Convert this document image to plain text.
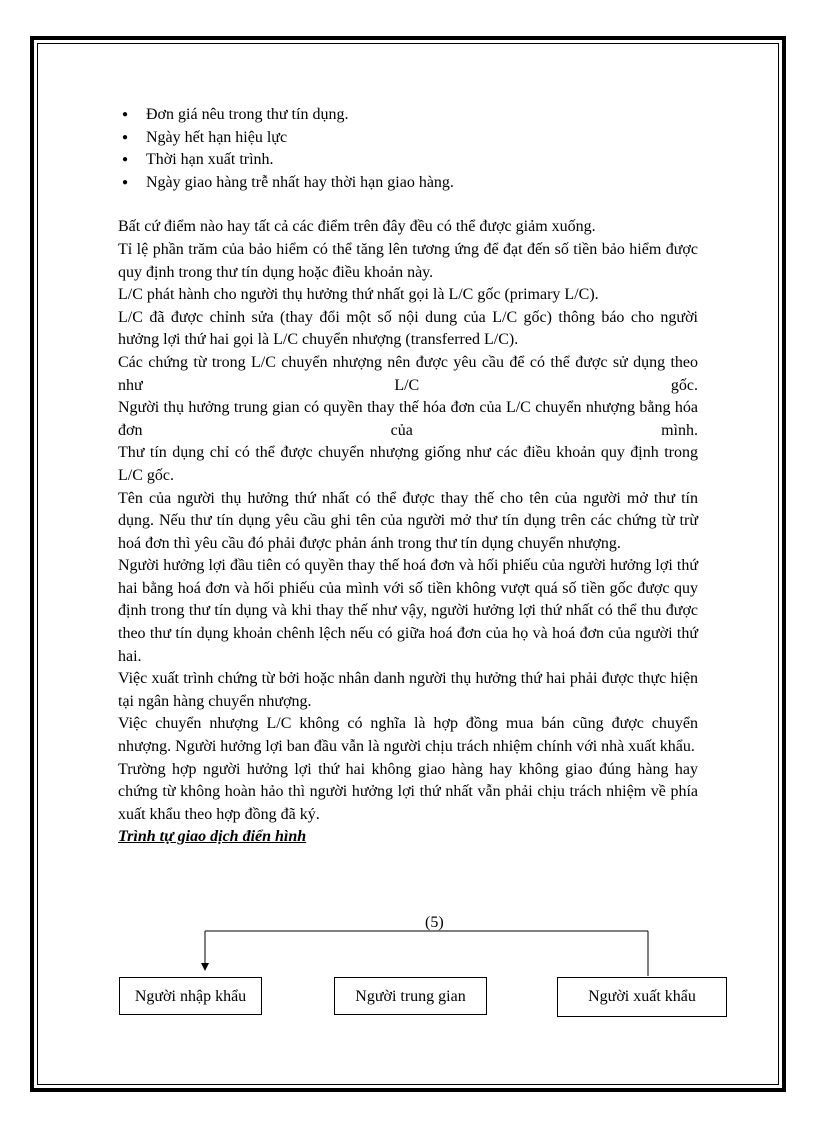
● Đơn giá nêu trong thư tín dụng.
● Ngày hết hạn hiệu lực
● Thời hạn xuất trình.
● Ngày giao hàng trễ nhất hay thời hạn giao hàng.

Bất cứ điểm nào hay tất cả các điểm trên đây đều có thể được giảm xuống.

Tỉ lệ phần trăm của bảo hiểm có thể tăng lên tương ứng để đạt đến số tiền bảo hiểm được quy định trong thư tín dụng hoặc điều khoản này.

L/C phát hành cho người thụ hưởng thứ nhất gọi là L/C gốc (primary L/C).

L/C đã được chỉnh sửa (thay đổi một số nội dung của L/C gốc) thông báo cho người hưởng lợi thứ hai gọi là L/C chuyển nhượng (transferred L/C).

Các chứng từ trong L/C chuyển nhượng nên được yêu cầu để có thể được sử dụng theo như L/C gốc.

Người thụ hưởng trung gian có quyền thay thế hóa đơn của L/C chuyển nhượng bằng hóa đơn của mình.

Thư tín dụng chỉ có thể được chuyển nhượng giống như các điều khoản quy định trong L/C gốc.

Tên của người thụ hưởng thứ nhất có thể được thay thế cho tên của người mở thư tín dụng. Nếu thư tín dụng yêu cầu ghi tên của người mở thư tín dụng trên các chứng từ trừ hoá đơn thì yêu cầu đó phải được phản ánh trong thư tín dụng chuyển nhượng.

Người hưởng lợi đầu tiên có quyền thay thế hoá đơn và hối phiếu của người hưởng lợi thứ hai bằng hoá đơn và hối phiếu của mình với số tiền không vượt quá số tiền gốc được quy định trong thư tín dụng và khi thay thế như vậy, người hưởng lợi thứ nhất có thể thu được theo thư tín dụng khoản chênh lệch nếu có giữa hoá đơn của họ và hoá đơn của người thứ hai.

Việc xuất trình chứng từ bởi hoặc nhân danh người thụ hưởng thứ hai phải được thực hiện tại ngân hàng chuyển nhượng.

Việc chuyển nhượng L/C không có nghĩa là hợp đồng mua bán cũng được chuyển nhượng. Người hưởng lợi ban đầu vẫn là người chịu trách nhiệm chính với nhà xuất khẩu.

Trường hợp người hưởng lợi thứ hai không giao hàng hay không giao đúng hàng hay chứng từ không hoàn hảo thì người hưởng lợi thứ nhất vẫn phải chịu trách nhiệm về phía xuất khẩu theo hợp đồng đã ký.

Trình tự giao dịch điển hình

(5)
Người nhập khẩu	Người trung gian	Người xuất khẩu
